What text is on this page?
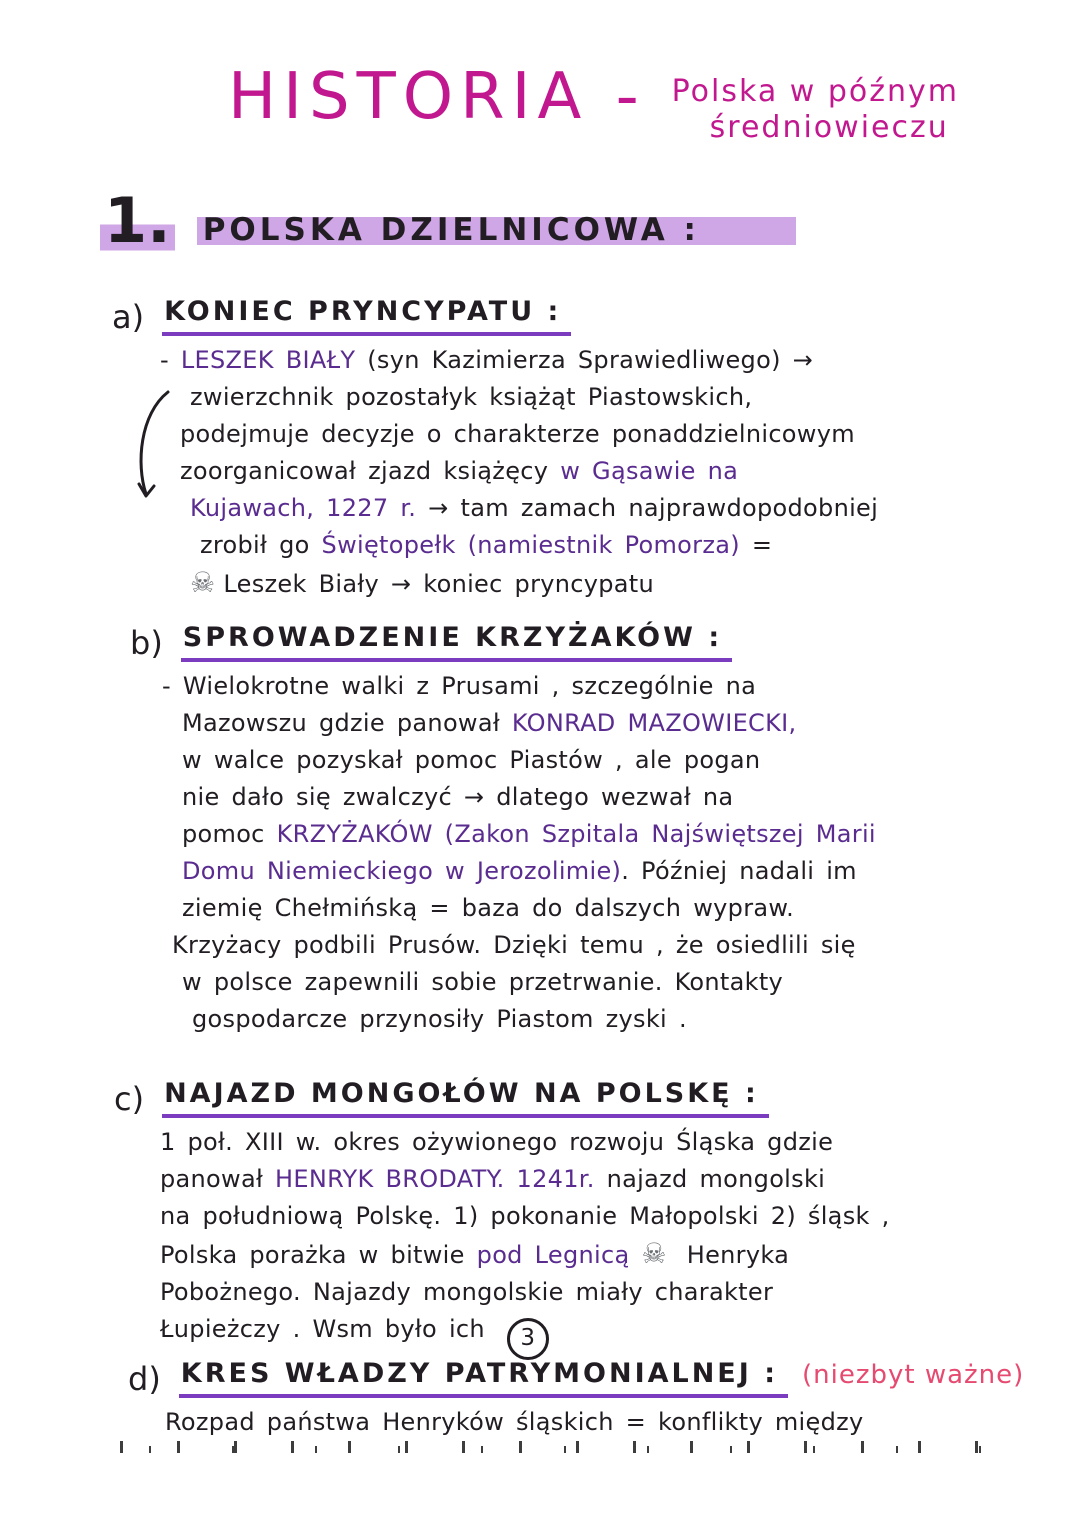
HISTORIA - Polska w późnym
średniowieczu
1. POLSKA DZIELNICOWA :
a) KONIEC PRYNCYPATU :
- LESZEK BIAŁY (syn Kazimierza Sprawiedliwego) →
zwierzchnik pozostałyk książąt Piastowskich,
podejmuje decyzje o charakterze ponaddzielnicowym
zoorganicował zjazd książęcy w Gąsawie na
Kujawach, 1227 r. → tam zamach najprawdopodobniej
zrobił go Świętopełk (namiestnik Pomorza) =
☠ Leszek Biały → koniec pryncypatu
b) SPROWADZENIE KRZYŻAKÓW :
- Wielokrotne walki z Prusami , szczególnie na
Mazowszu gdzie panował KONRAD MAZOWIECKI,
w walce pozyskał pomoc Piastów , ale pogan
nie dało się zwalczyć → dlatego wezwał na
pomoc KRZYŻAKÓW (Zakon Szpitala Najświętszej Marii
Domu Niemieckiego w Jerozolimie). Później nadali im
ziemię Chełmińską = baza do dalszych wypraw.
Krzyżacy podbili Prusów. Dzięki temu , że osiedlili się
w polsce zapewnili sobie przetrwanie. Kontakty
gospodarcze przynosiły Piastom zyski .
c) NAJAZD MONGOŁÓW NA POLSKĘ :
1 poł. XIII w. okres ożywionego rozwoju Śląska gdzie
panował HENRYK BRODATY. 1241r. najazd mongolski
na południową Polskę. 1) pokonanie Małopolski 2) śląsk ,
Polska porażka w bitwie pod Legnicą ☠ Henryka
Pobożnego. Najazdy mongolskie miały charakter
Łupieżczy . Wsm było ich 3
d) KRES WŁADZY PATRYMONIALNEJ : (niezbyt ważne)
Rozpad państwa Henryków śląskich = konflikty między
